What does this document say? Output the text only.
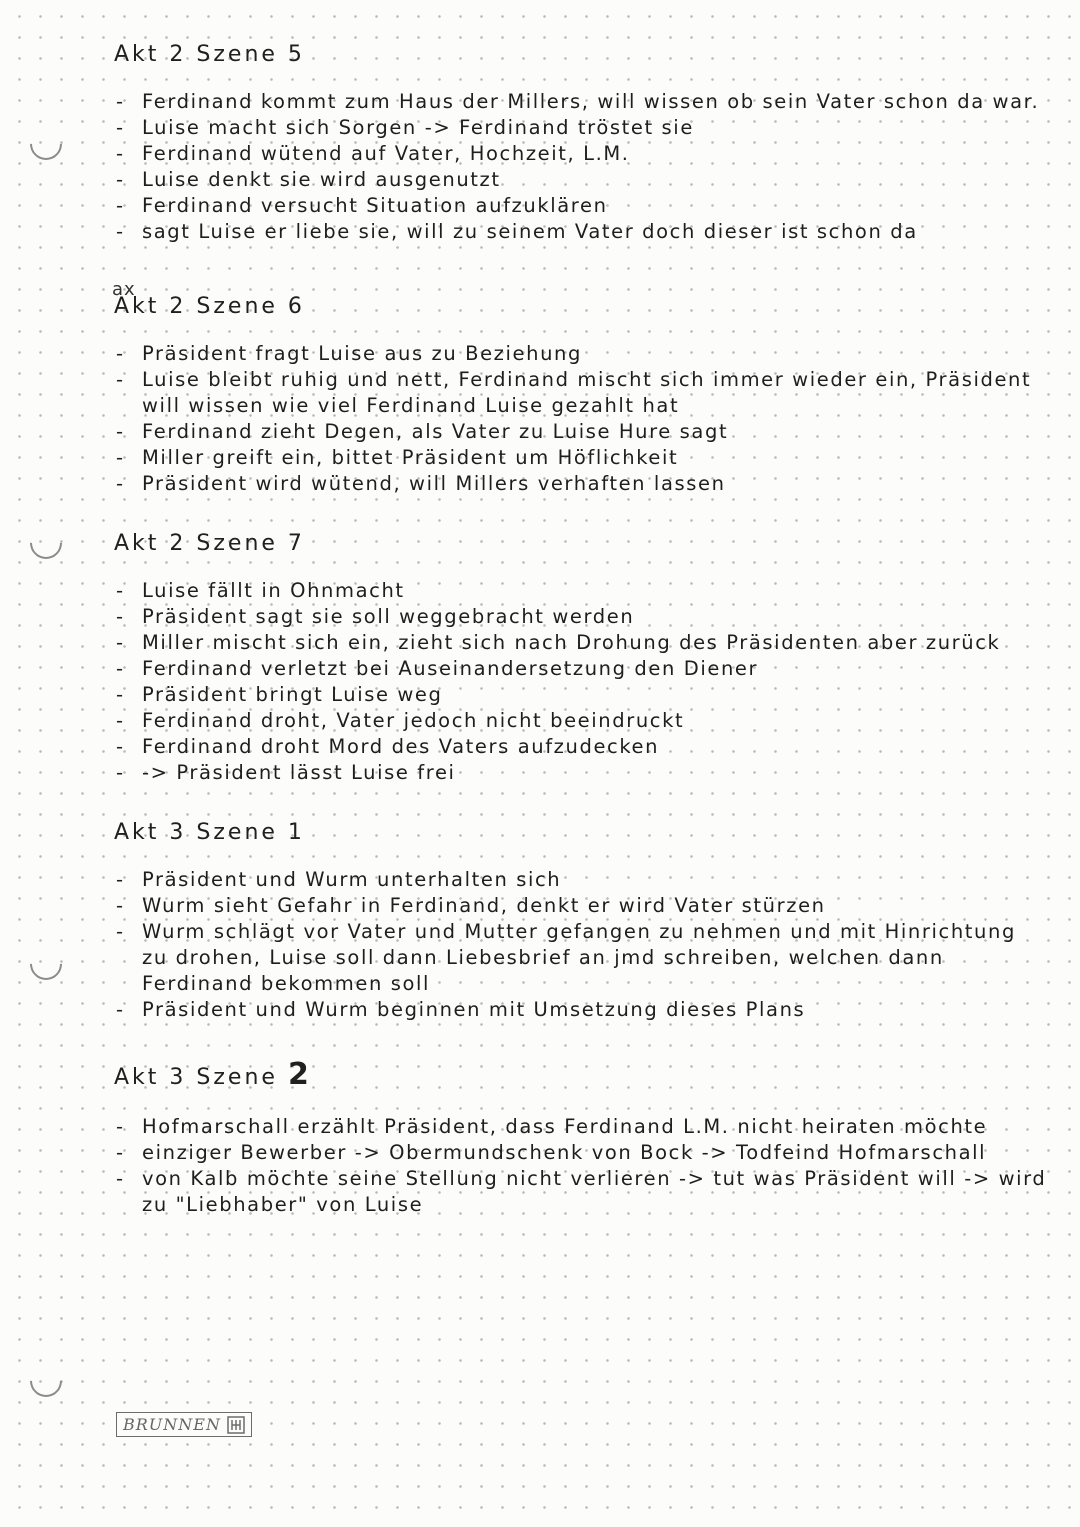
Akt 2 Szene 5
- Ferdinand kommt zum Haus der Millers, will wissen ob sein Vater schon da war.
- Luise macht sich Sorgen -> Ferdinand tröstet sie
- Ferdinand wütend auf Vater, Hochzeit, L.M.
- Luise denkt sie wird ausgenutzt
- Ferdinand versucht Situation aufzuklären
- sagt Luise er liebe sie, will zu seinem Vater doch dieser ist schon da
ax
Akt 2 Szene 6
- Präsident fragt Luise aus zu Beziehung
- Luise bleibt ruhig und nett, Ferdinand mischt sich immer wieder ein, Präsident will wissen wie viel Ferdinand Luise gezahlt hat
- Ferdinand zieht Degen, als Vater zu Luise Hure sagt
- Miller greift ein, bittet Präsident um Höflichkeit
- Präsident wird wütend, will Millers verhaften lassen
Akt 2 Szene 7
- Luise fällt in Ohnmacht
- Präsident sagt sie soll weggebracht werden
- Miller mischt sich ein, zieht sich nach Drohung des Präsidenten aber zurück
- Ferdinand verletzt bei Auseinandersetzung den Diener
- Präsident bringt Luise weg
- Ferdinand droht, Vater jedoch nicht beeindruckt
- Ferdinand droht Mord des Vaters aufzudecken
- -> Präsident lässt Luise frei
Akt 3 Szene 1
- Präsident und Wurm unterhalten sich
- Wurm sieht Gefahr in Ferdinand, denkt er wird Vater stürzen
- Wurm schlägt vor Vater und Mutter gefangen zu nehmen und mit Hinrichtung zu drohen, Luise soll dann Liebesbrief an jmd schreiben, welchen dann Ferdinand bekommen soll
- Präsident und Wurm beginnen mit Umsetzung dieses Plans
Akt 3 Szene 2
- Hofmarschall erzählt Präsident, dass Ferdinand L.M. nicht heiraten möchte
- einziger Bewerber -> Obermundschenk von Bock -> Todfeind Hofmarschall
- von Kalb möchte seine Stellung nicht verlieren -> tut was Präsident will -> wird zu "Liebhaber" von Luise
BRUNNEN
